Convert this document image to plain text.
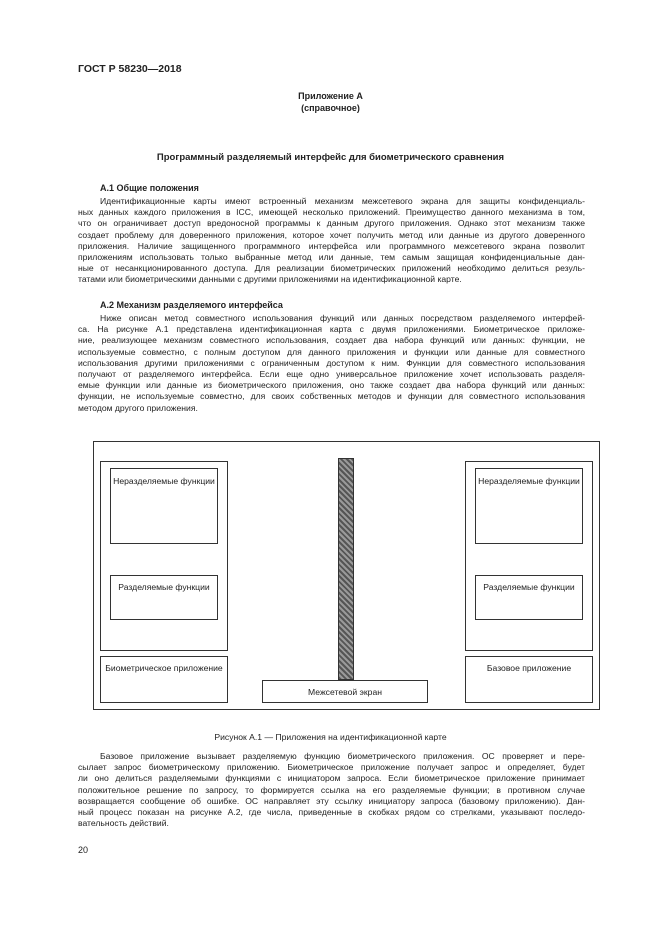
ГОСТ Р 58230—2018
Приложение А
(справочное)
Программный разделяемый интерфейс для биометрического сравнения
А.1 Общие положения
Идентификационные карты имеют встроенный механизм межсетевого экрана для защиты конфиденциаль-
ных данных каждого приложения в ICC, имеющей несколько приложений. Преимущество данного механизма в том,
что он ограничивает доступ вредоносной программы к данным другого приложения. Однако этот механизм также
создает проблему для доверенного приложения, которое хочет получить метод или данные из другого доверенного
приложения. Наличие защищенного программного интерфейса или программного межсетевого экрана позволит
приложениям использовать только выбранные метод или данные, тем самым защищая конфиденциальные дан-
ные от несанкционированного доступа. Для реализации биометрических приложений необходимо делиться резуль-
татами или биометрическими данными с другими приложениями на идентификационной карте.
А.2 Механизм разделяемого интерфейса
Ниже описан метод совместного использования функций или данных посредством разделяемого интерфей-
са. На рисунке А.1 представлена идентификационная карта с двумя приложениями. Биометрическое приложе-
ние, реализующее механизм совместного использования, создает два набора функций или данных: функции, не
используемые совместно, с полным доступом для данного приложения и функции или данные для совместного
использования другими приложениями с ограниченным доступом к ним. Функции для совместного использования
получают от разделяемого интерфейса. Если еще одно универсальное приложение хочет использовать разделя-
емые функции или данные из биометрического приложения, оно также создает два набора функций или данных:
функции, не используемые совместно, для своих собственных методов и функции для совместного использования
методом другого приложения.
Неразделяемые функции
Разделяемые функции
Биометрическое приложение
Межсетевой экран
Неразделяемые функции
Разделяемые функции
Базовое приложение
Рисунок А.1 — Приложения на идентификационной карте
Базовое приложение вызывает разделяемую функцию биометрического приложения. ОС проверяет и пере-
сылает запрос биометрическому приложению. Биометрическое приложение получает запрос и определяет, будет
ли оно делиться разделяемыми функциями с инициатором запроса. Если биометрическое приложение принимает
положительное решение по запросу, то формируется ссылка на его разделяемые функции; в противном случае
возвращается сообщение об ошибке. ОС направляет эту ссылку инициатору запроса (базовому приложению). Дан-
ный процесс показан на рисунке А.2, где числа, приведенные в скобках рядом со стрелками, указывают последо-
вательность действий.
20
